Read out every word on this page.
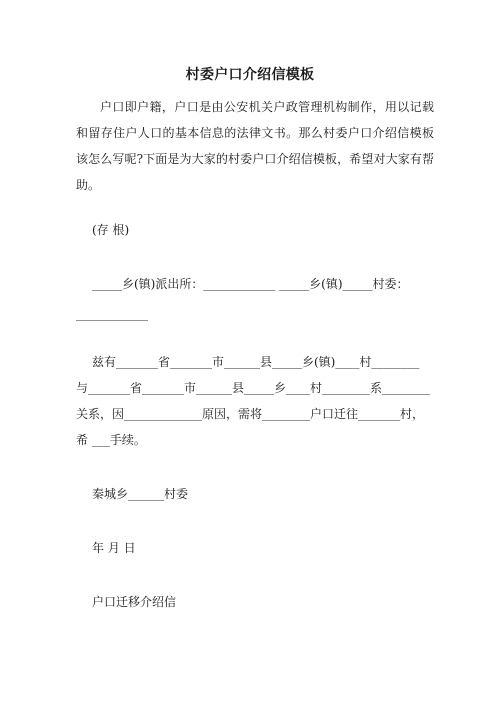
村委户口介绍信模板
户口即户籍，户口是由公安机关户政管理机构制作，用以记载和留存住户人口的基本信息的法律文书。那么村委户口介绍信模板该怎么写呢?下面是为大家的村委户口介绍信模板，希望对大家有帮助。
(存 根)
_____乡(镇)派出所：____________ _____乡(镇)_____村委：
____________
兹有_______省_______市______县_____乡(镇)____村________
与_______省_______市______县_____乡____村________系________
关系，因_____________原因，需将________户口迁往_______村，
希 ___手续。
秦城乡______村委
年 月 日
户口迁移介绍信
